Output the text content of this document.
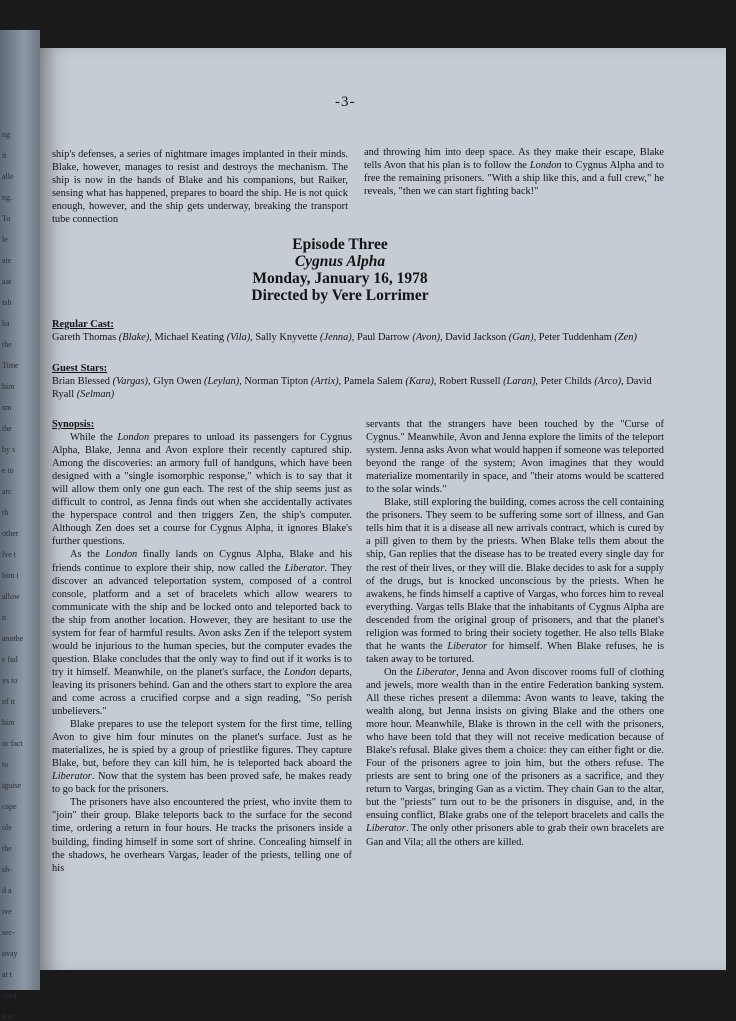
ng
it
alle
ng.
To
le
ate
aat
ish
ha
the
Time
him
sm
the
by s
e to
arc
th
other
lve t
him i
allow
n
anothe
e fad
ys to
of it
him
or fact
to
iguise
cape
ole
the
sh-
d a
ive
sec-
uvay
at t
ceed
lese
-3-

ship's defenses, a series of nightmare images implanted in their minds. Blake, however, manages to resist and destroys the mechanism. The ship is now in the hands of Blake and his companions, but Raiker, sensing what has happened, prepares to board the ship. He is not quick enough, however, and the ship gets underway, breaking the transport tube connection

and throwing him into deep space. As they make their escape, Blake tells Avon that his plan is to follow the London to Cygnus Alpha and to free the remaining prisoners. "With a ship like this, and a full crew," he reveals, "then we can start fighting back!"

Episode Three
Cygnus Alpha
Monday, January 16, 1978
Directed by Vere Lorrimer
Regular Cast:
Gareth Thomas (Blake), Michael Keating (Vila), Sally Knyvette (Jenna), Paul Darrow (Avon), David Jackson (Gan), Peter Tuddenham (Zen)
Guest Stars:
Brian Blessed (Vargas), Glyn Owen (Leylan), Norman Tipton (Artix), Pamela Salem (Kara), Robert Russell (Laran), Peter Childs (Arco), David Ryall (Selman)

Synopsis:
While the London prepares to unload its passengers for Cygnus Alpha, Blake, Jenna and Avon explore their recently captured ship. Among the discoveries: an armory full of handguns, which have been designed with a "single isomorphic response," which is to say that it will allow them only one gun each. The rest of the ship seems just as difficult to control, as Jenna finds out when she accidentally activates the hyperspace control and then triggers Zen, the ship's computer. Although Zen does set a course for Cygnus Alpha, it ignores Blake's further questions.

As the London finally lands on Cygnus Alpha, Blake and his friends continue to explore their ship, now called the Liberator. They discover an advanced teleportation system, composed of a control console, platform and a set of bracelets which allow wearers to communicate with the ship and be locked onto and teleported back to the ship from another location. However, they are hesitant to use the system for fear of harmful results. Avon asks Zen if the teleport system would be injurious to the human species, but the computer evades the question. Blake concludes that the only way to find out if it works is to try it himself. Meanwhile, on the planet's surface, the London departs, leaving its prisoners behind. Gan and the others start to explore the area and come across a crucified corpse and a sign reading, "So perish unbelievers."

Blake prepares to use the teleport system for the first time, telling Avon to give him four minutes on the planet's surface. Just as he materializes, he is spied by a group of priestlike figures. They capture Blake, but, before they can kill him, he is teleported back aboard the Liberator. Now that the system has been proved safe, he makes ready to go back for the prisoners.

The prisoners have also encountered the priest, who invite them to "join" their group. Blake teleports back to the surface for the second time, ordering a return in four hours. He tracks the prisoners inside a building, finding himself in some sort of shrine. Concealing himself in the shadows, he overhears Vargas, leader of the priests, telling one of his

servants that the strangers have been touched by the "Curse of Cygnus." Meanwhile, Avon and Jenna explore the limits of the teleport system. Jenna asks Avon what would happen if someone was teleported beyond the range of the system; Avon imagines that they would materialize momentarily in space, and "their atoms would be scattered to the solar winds."

Blake, still exploring the building, comes across the cell containing the prisoners. They seem to be suffering some sort of illness, and Gan tells him that it is a disease all new arrivals contract, which is cured by a pill given to them by the priests. When Blake tells them about the ship, Gan replies that the disease has to be treated every single day for the rest of their lives, or they will die. Blake decides to ask for a supply of the drugs, but is knocked unconscious by the priests. When he awakens, he finds himself a captive of Vargas, who forces him to reveal everything. Vargas tells Blake that the inhabitants of Cygnus Alpha are descended from the original group of prisoners, and that the planet's religion was formed to bring their society together. He also tells Blake that he wants the Liberator for himself. When Blake refuses, he is taken away to be tortured.

On the Liberator, Jenna and Avon discover rooms full of clothing and jewels, more wealth than in the entire Federation banking system. All these riches present a dilemma: Avon wants to leave, taking the wealth along, but Jenna insists on giving Blake and the others one more hour. Meanwhile, Blake is thrown in the cell with the prisoners, who have been told that they will not receive medication because of Blake's refusal. Blake gives them a choice: they can either fight or die. Four of the prisoners agree to join him, but the others refuse. The priests are sent to bring one of the prisoners as a sacrifice, and they return to Vargas, bringing Gan as a victim. They chain Gan to the altar, but the "priests" turn out to be the prisoners in disguise, and, in the ensuing conflict, Blake grabs one of the teleport bracelets and calls the Liberator. The only other prisoners able to grab their own bracelets are Gan and Vila; all the others are killed.
